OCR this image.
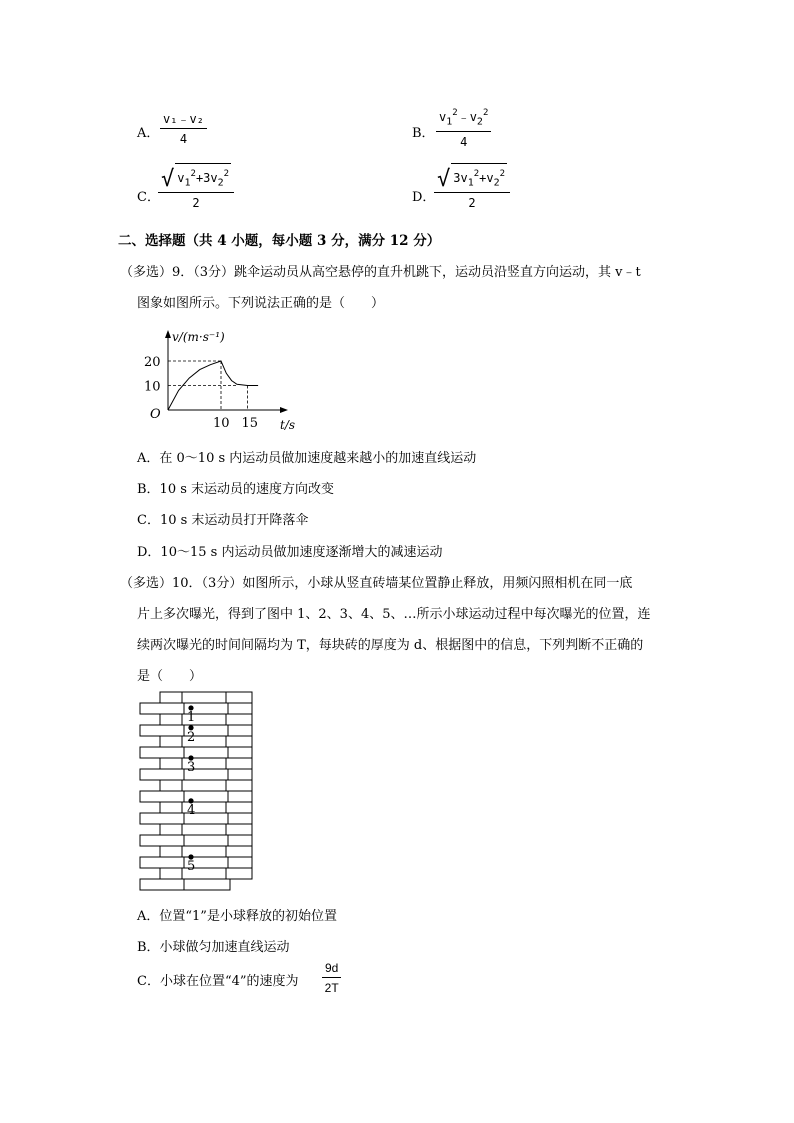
A． $\frac{\text{v₁﹣v₂}}{4}$	B． $\frac{v_1^2﹣v_2^2}{4}$
C．
$\frac{√ v_1^2+3v_2^2}{2}$	D．
$\frac{√ 3v_1^2+v_2^2}{2}$
二、选择题（共 4 小题，每小题 3 分，满分 12 分）
（多选）9．（3分）跳伞运动员从高空悬停的直升机跳下，运动员沿竖直方向运动，其 v﹣t
图象如图所示。下列说法正确的是（　　）
v/(m·s⁻¹)
t/s
O
10 15
20
10
A．在 0～10 s 内运动员做加速度越来越小的加速直线运动
B．10 s 末运动员的速度方向改变
C．10 s 末运动员打开降落伞
D．10～15 s 内运动员做加速度逐渐增大的减速运动
（多选）10．（3分）如图所示，小球从竖直砖墙某位置静止释放，用频闪照相机在同一底
片上多次曝光，得到了图中 1、2、3、4、5、…所示小球运动过程中每次曝光的位置，连
续两次曝光的时间间隔均为 T，每块砖的厚度为 d、根据图中的信息，下列判断不正确的
是（　　）
1
2
3
4
5
A．位置“1”是小球释放的初始位置
B．小球做匀加速直线运动
C．小球在位置“4”的速度为 $\frac{9d}{2T}$
